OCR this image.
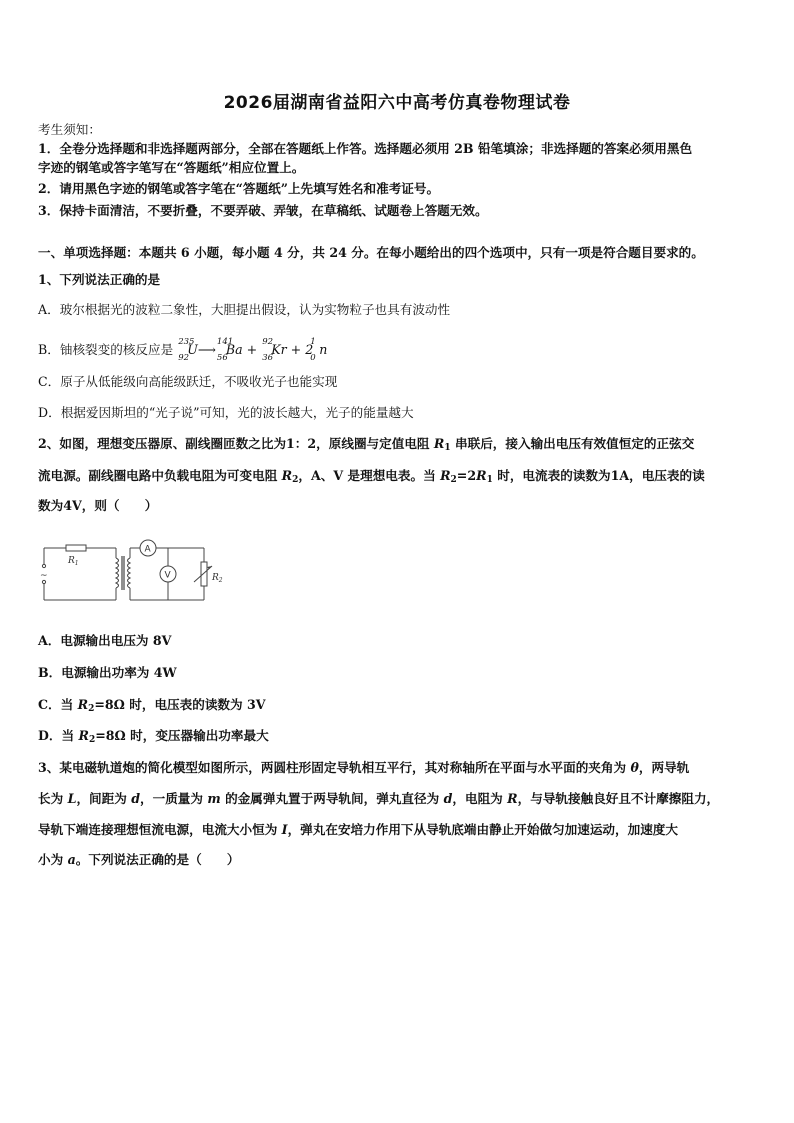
2026届湖南省益阳六中高考仿真卷物理试卷
考生须知：
1．全卷分选择题和非选择题两部分，全部在答题纸上作答。选择题必须用 2B 铅笔填涂；非选择题的答案必须用黑色
字迹的钢笔或答字笔写在“答题纸”相应位置上。
2．请用黑色字迹的钢笔或答字笔在“答题纸”上先填写姓名和准考证号。
3．保持卡面清洁，不要折叠，不要弄破、弄皱，在草稿纸、试题卷上答题无效。
一、单项选择题：本题共 6 小题，每小题 4 分，共 24 分。在每小题给出的四个选项中，只有一项是符合题目要求的。
1、下列说法正确的是
A．玻尔根据光的波粒二象性，大胆提出假设，认为实物粒子也具有波动性
B．铀核裂变的核反应是 235
92
U⟶ 141
56
Ba + 92
36
Kr + 2
1
0
n
C．原子从低能级向高能级跃迁，不吸收光子也能实现
D．根据爱因斯坦的“光子说”可知，光的波长越大，光子的能量越大
2、如图，理想变压器原、副线圈匝数之比为1：2，原线圈与定值电阻 $R_1$ 串联后，接入输出电压有效值恒定的正弦交
流电源。副线圈电路中负载电阻为可变电阻 $R_2$，A、V 是理想电表。当 $R_2=2R_1$ 时，电流表的读数为1A，电压表的读
数为4V，则（　　）
~
$R_1$
A
V	$R_2$
A．电源输出电压为 8V
B．电源输出功率为 4W
C．当 $R_2=8\Omega$ 时，电压表的读数为 3V
D．当 $R_2=8\Omega$ 时，变压器输出功率最大
3、某电磁轨道炮的简化模型如图所示，两圆柱形固定导轨相互平行，其对称轴所在平面与水平面的夹角为 θ，两导轨
长为 L，间距为 d，一质量为 m 的金属弹丸置于两导轨间，弹丸直径为 d，电阻为 R，与导轨接触良好且不计摩擦阻力，
导轨下端连接理想恒流电源，电流大小恒为 I，弹丸在安培力作用下从导轨底端由静止开始做匀加速运动，加速度大
小为 a。下列说法正确的是（　　）
